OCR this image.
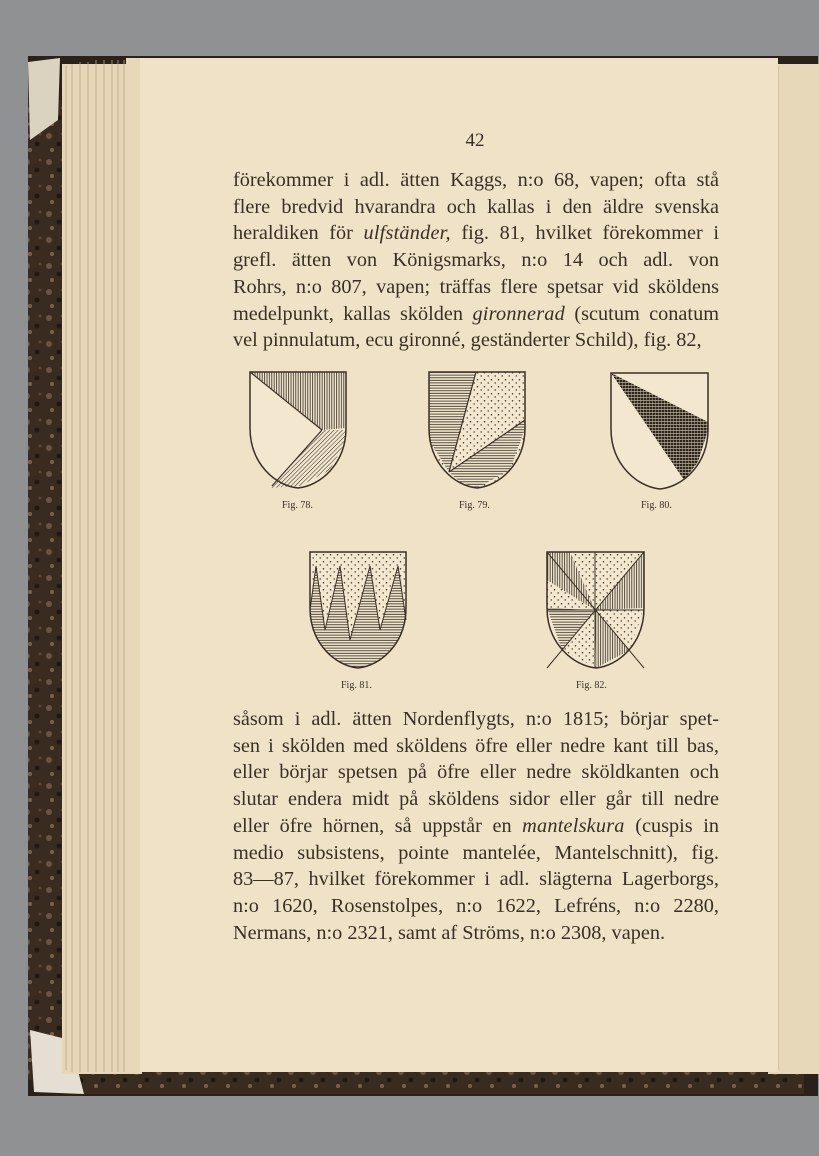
42

förekommer i adl. ätten Kaggs, n:o 68, vapen; ofta stå
flere bredvid hvarandra och kallas i den äldre svenska
heraldiken för ulfständer, fig. 81, hvilket förekommer i
grefl. ätten von Königsmarks, n:o 14 och adl. von
Rohrs, n:o 807, vapen; träffas flere spetsar vid sköldens
medelpunkt, kallas skölden gironnerad (scutum conatum
vel pinnulatum, ecu gironné, geständerter Schild), fig. 82,

Fig. 78.	Fig. 79.	Fig. 80.
Fig. 81.	Fig. 82.

såsom i adl. ätten Nordenflygts, n:o 1815; börjar spet-
sen i skölden med sköldens öfre eller nedre kant till bas,
eller börjar spetsen på öfre eller nedre sköldkanten och
slutar endera midt på sköldens sidor eller går till nedre
eller öfre hörnen, så uppstår en mantelskura (cuspis in
medio subsistens, pointe mantelée, Mantelschnitt), fig.
83—87, hvilket förekommer i adl. slägterna Lagerborgs,
n:o 1620, Rosenstolpes, n:o 1622, Lefréns, n:o 2280,
Nermans, n:o 2321, samt af Ströms, n:o 2308, vapen.
